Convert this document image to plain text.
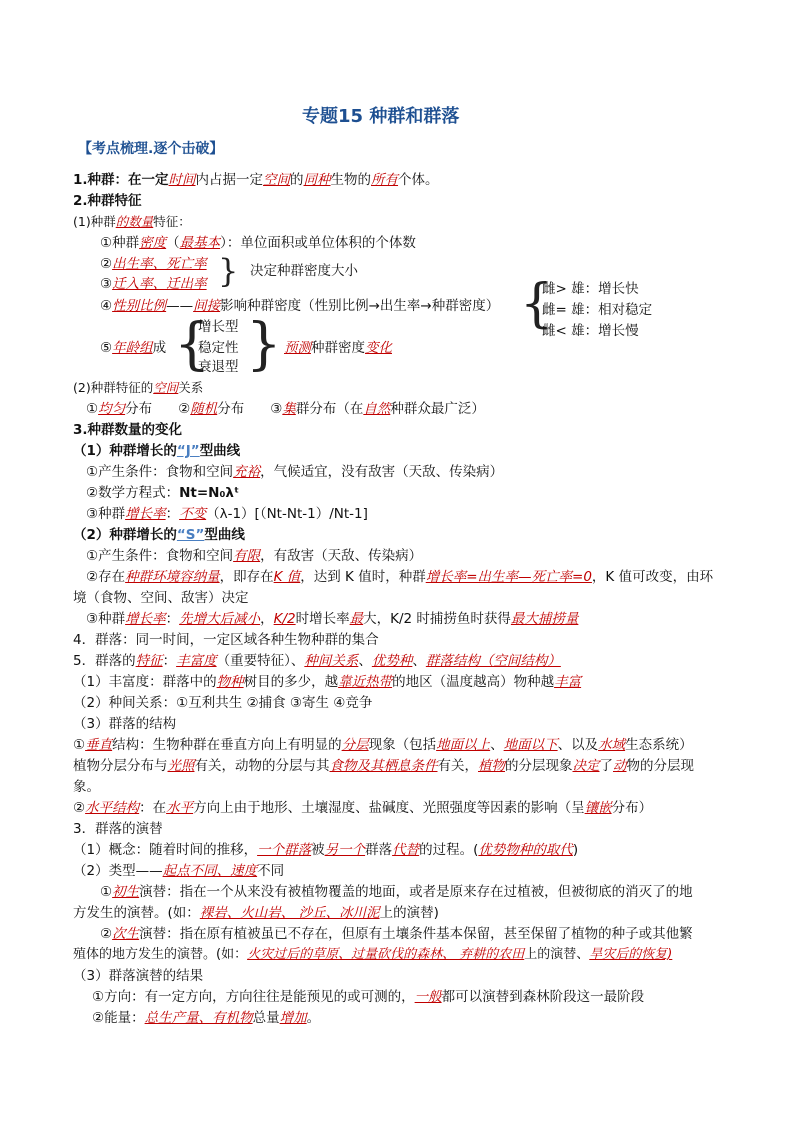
专题15 种群和群落
【考点梳理.逐个击破】
1.种群：在一定时间内占据一定空间的同种生物的所有个体。
2.种群特征
(1)种群的数量特征：
①种群密度（最基本）：单位面积或单位体积的个体数
②出生率、死亡率
③迁入率、迁出率 } 决定种群密度大小
④性别比例——间接影响种群密度（性别比例→出生率→种群密度） {
雌> 雄：增长快
雌= 雄：相对稳定
雌< 雄：增长慢
{
⑤年龄组成
增长型
稳定性
衰退型 } 预测种群密度变化
(2)种群特征的空间关系
①均匀分布 ②随机分布 ③集群分布（在自然种群众最广泛）
3.种群数量的变化
（1）种群增长的“J”型曲线
①产生条件：食物和空间充裕，气候适宜，没有敌害（天敌、传染病）
②数学方程式：Nt=N₀λᵗ
③种群增长率：不变（λ-1）[（Nt-Nt-1）/Nt-1]
（2）种群增长的“S”型曲线
①产生条件：食物和空间有限，有敌害（天敌、传染病）
②存在种群环境容纳量，即存在K 值，达到 K 值时，种群增长率=出生率—死亡率=0，K 值可改变，由环
境（食物、空间、敌害）决定
③种群增长率：先增大后减小，K/2时增长率最大，K/2 时捕捞鱼时获得最大捕捞量
4．群落：同一时间，一定区域各种生物种群的集合
5．群落的特征：丰富度（重要特征）、种间关系、优势种、群落结构（空间结构）
（1）丰富度：群落中的物种树目的多少，越靠近热带的地区（温度越高）物种越丰富
（2）种间关系：①互利共生 ②捕食 ③寄生 ④竞争
（3）群落的结构
①垂直结构：生物种群在垂直方向上有明显的分层现象（包括地面以上、地面以下、以及水域生态系统）
植物分层分布与光照有关，动物的分层与其食物及其栖息条件有关，植物的分层现象决定了动物的分层现
象。
②水平结构：在水平方向上由于地形、土壤湿度、盐碱度、光照强度等因素的影响（呈镶嵌分布）
3．群落的演替
（1）概念：随着时间的推移，一个群落被另一个群落代替的过程。(优势物种的取代)
（2）类型——起点不同、速度不同
①初生演替：指在一个从来没有被植物覆盖的地面，或者是原来存在过植被，但被彻底的消灭了的地
方发生的演替。(如：裸岩、火山岩、 沙丘、冰川泥上的演替)
②次生演替：指在原有植被虽已不存在，但原有土壤条件基本保留，甚至保留了植物的种子或其他繁
殖体的地方发生的演替。(如：火灾过后的草原、过量砍伐的森林、 弃耕的农田上的演替、旱灾后的恢复)
（3）群落演替的结果
①方向：有一定方向，方向往往是能预见的或可测的，一般都可以演替到森林阶段这一最阶段
②能量：总生产量、有机物总量增加。
